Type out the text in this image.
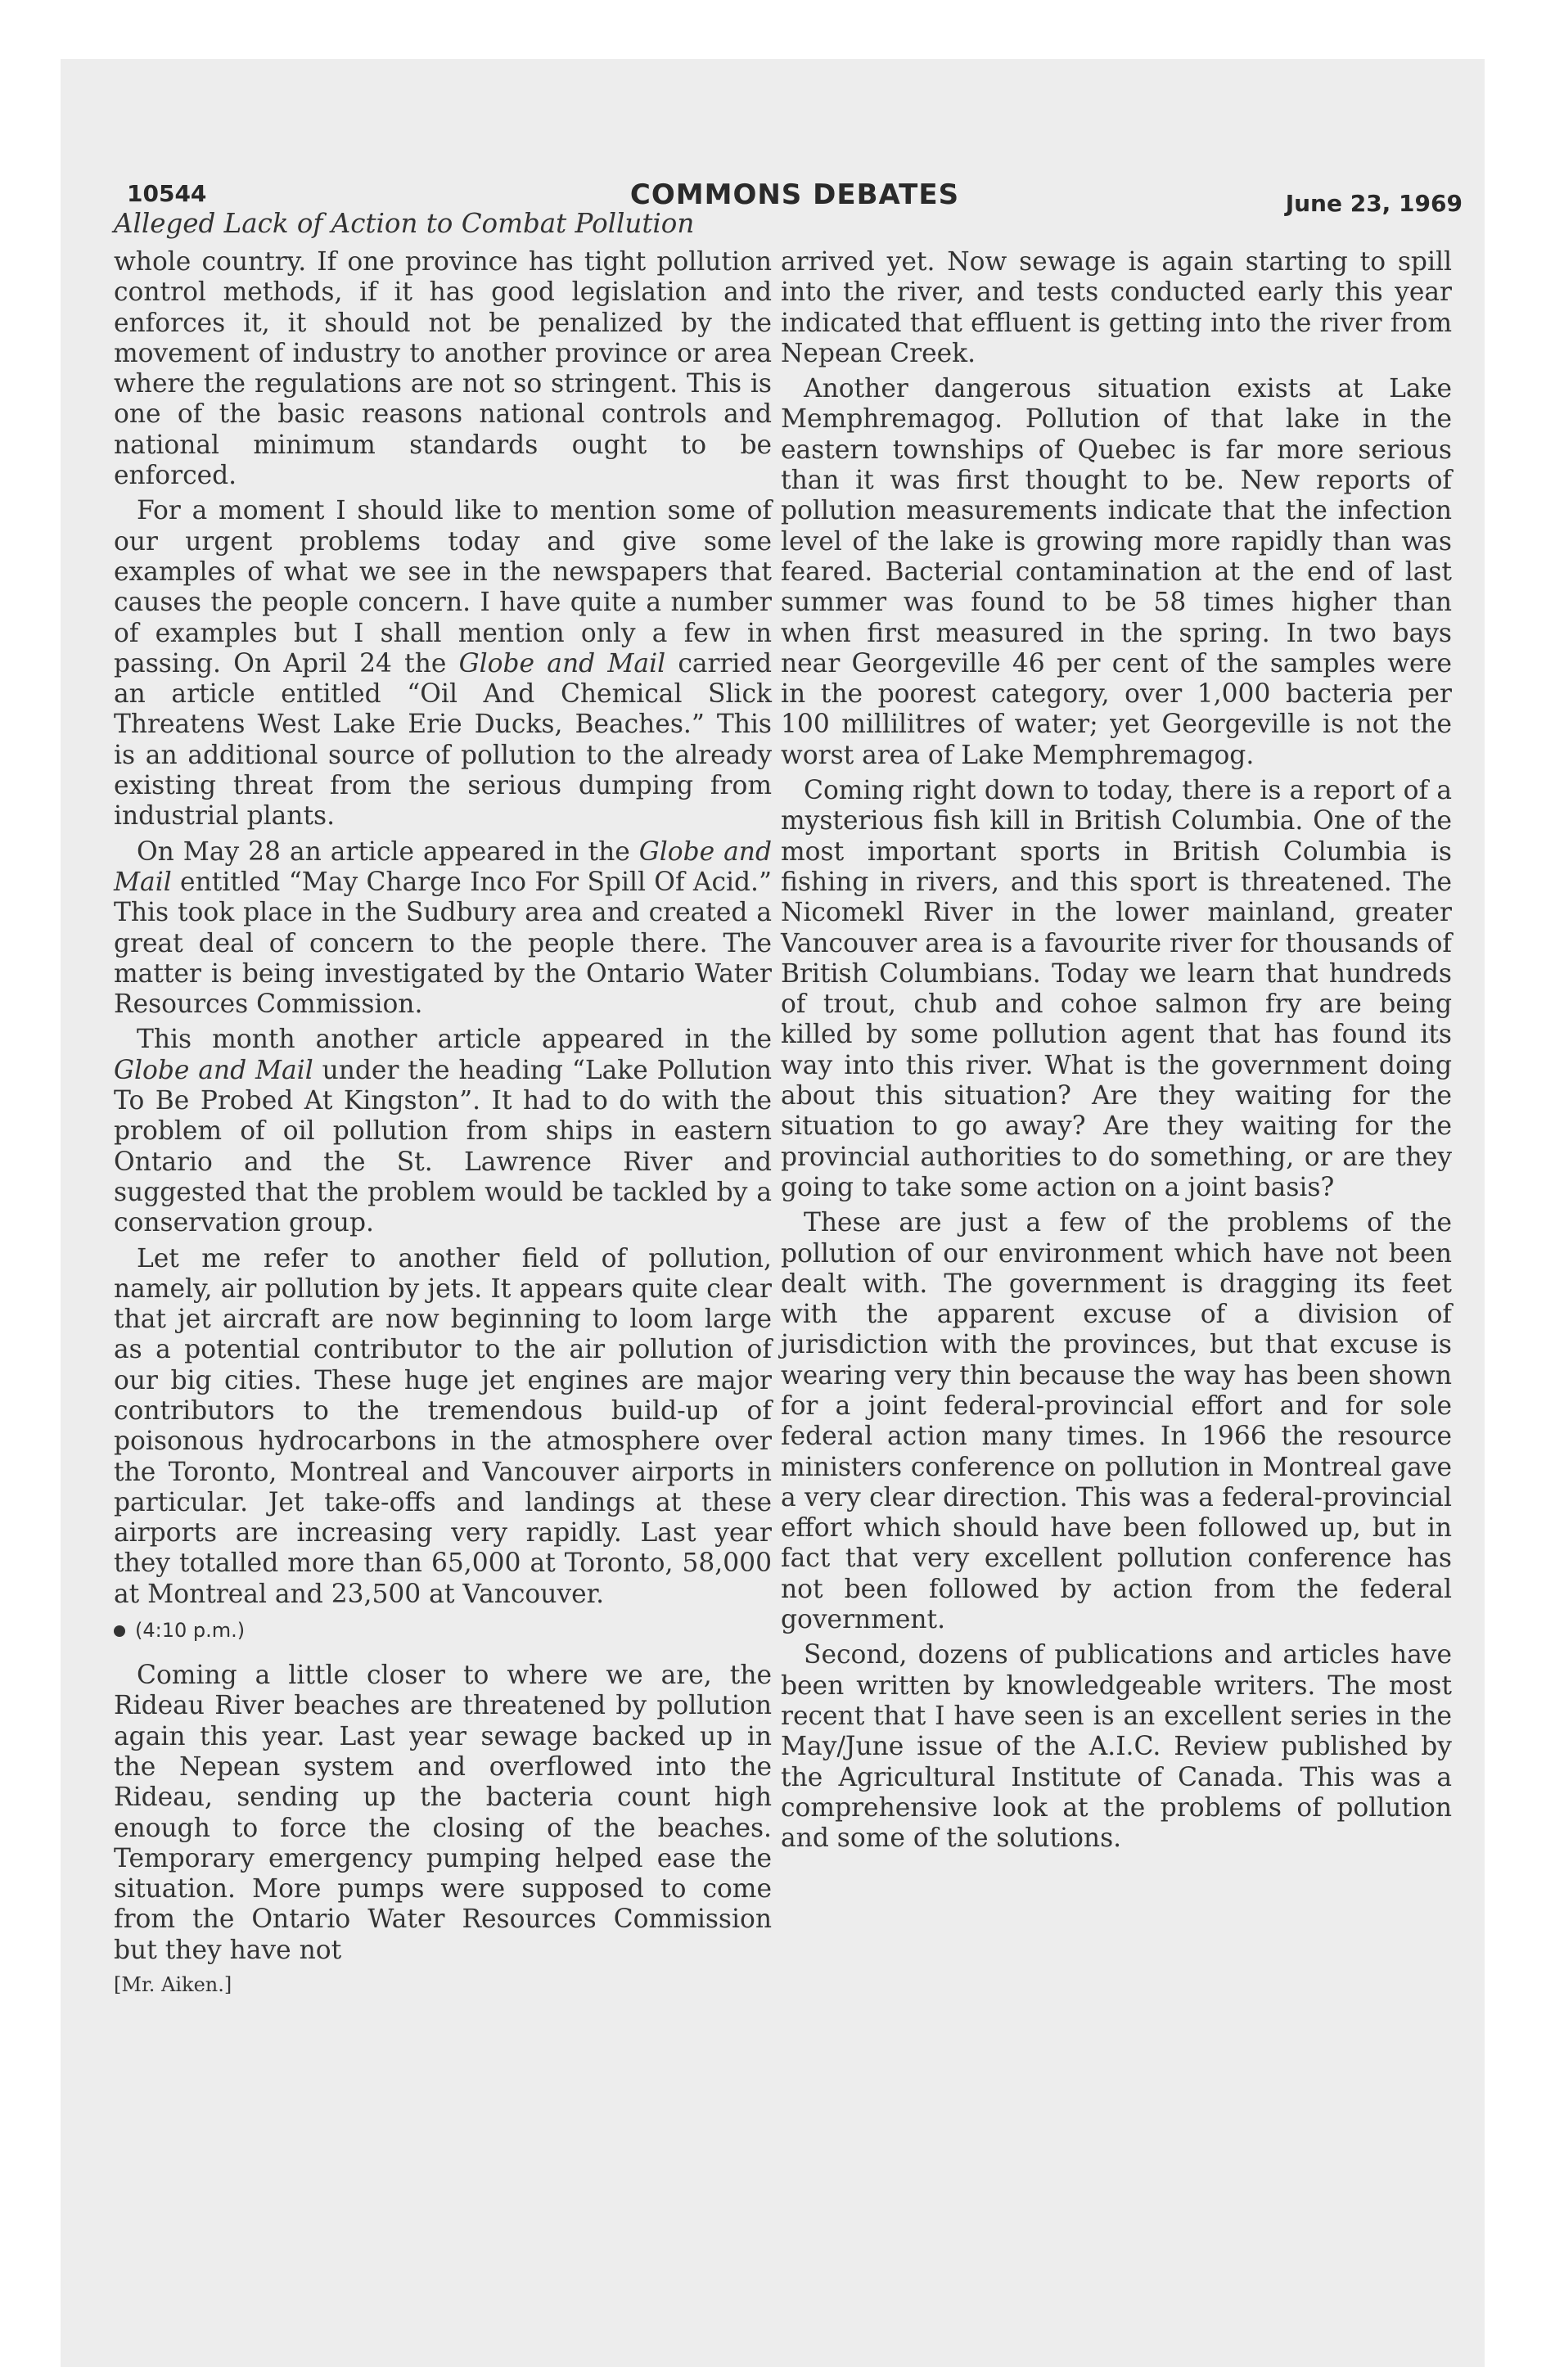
10544	COMMONS DEBATES	June 23, 1969
Alleged Lack of Action to Combat Pollution

whole country. If one province has tight pollution control methods, if it has good legislation and enforces it, it should not be penalized by the movement of industry to another province or area where the regulations are not so stringent. This is one of the basic reasons national controls and national minimum standards ought to be enforced.

For a moment I should like to mention some of our urgent problems today and give some examples of what we see in the newspapers that causes the people concern. I have quite a number of examples but I shall mention only a few in passing. On April 24 the Globe and Mail carried an article entitled “Oil And Chemical Slick Threatens West Lake Erie Ducks, Beaches.” This is an additional source of pollution to the already existing threat from the serious dumping from industrial plants.

On May 28 an article appeared in the Globe and Mail entitled “May Charge Inco For Spill Of Acid.” This took place in the Sudbury area and created a great deal of concern to the people there. The matter is being investigated by the Ontario Water Resources Commission.

This month another article appeared in the Globe and Mail under the heading “Lake Pollution To Be Probed At Kingston”. It had to do with the problem of oil pollution from ships in eastern Ontario and the St. Lawrence River and suggested that the problem would be tackled by a conservation group.

Let me refer to another field of pollution, namely, air pollution by jets. It appears quite clear that jet aircraft are now beginning to loom large as a potential contributor to the air pollution of our big cities. These huge jet engines are major contributors to the tremendous build-up of poisonous hydrocarbons in the atmosphere over the Toronto, Montreal and Vancouver airports in particular. Jet take-offs and landings at these airports are increasing very rapidly. Last year they totalled more than 65,000 at Toronto, 58,000 at Montreal and 23,500 at Vancouver.

(4:10 p.m.)

Coming a little closer to where we are, the Rideau River beaches are threatened by pollution again this year. Last year sewage backed up in the Nepean system and overflowed into the Rideau, sending up the bacteria count high enough to force the closing of the beaches. Temporary emergency pumping helped ease the situation. More pumps were supposed to come from the Ontario Water Resources Commission but they have not

[Mr. Aiken.]

arrived yet. Now sewage is again starting to spill into the river, and tests conducted early this year indicated that effluent is getting into the river from Nepean Creek.

Another dangerous situation exists at Lake Memphremagog. Pollution of that lake in the eastern townships of Quebec is far more serious than it was first thought to be. New reports of pollution measurements indicate that the infection level of the lake is growing more rapidly than was feared. Bacterial contamination at the end of last summer was found to be 58 times higher than when first measured in the spring. In two bays near Georgeville 46 per cent of the samples were in the poorest category, over 1,000 bacteria per 100 millilitres of water; yet Georgeville is not the worst area of Lake Memphremagog.

Coming right down to today, there is a report of a mysterious fish kill in British Columbia. One of the most important sports in British Columbia is fishing in rivers, and this sport is threatened. The Nicomekl River in the lower mainland, greater Vancouver area is a favourite river for thousands of British Columbians. Today we learn that hundreds of trout, chub and cohoe salmon fry are being killed by some pollution agent that has found its way into this river. What is the government doing about this situation? Are they waiting for the situation to go away? Are they waiting for the provincial authorities to do something, or are they going to take some action on a joint basis?

These are just a few of the problems of the pollution of our environment which have not been dealt with. The government is dragging its feet with the apparent excuse of a division of jurisdiction with the provinces, but that excuse is wearing very thin because the way has been shown for a joint federal-provincial effort and for sole federal action many times. In 1966 the resource ministers conference on pollution in Montreal gave a very clear direction. This was a federal-provincial effort which should have been followed up, but in fact that very excellent pollution conference has not been followed by action from the federal government.

Second, dozens of publications and articles have been written by knowledgeable writers. The most recent that I have seen is an excellent series in the May/June issue of the A.I.C. Review published by the Agricultural Institute of Canada. This was a comprehensive look at the problems of pollution and some of the solutions.
